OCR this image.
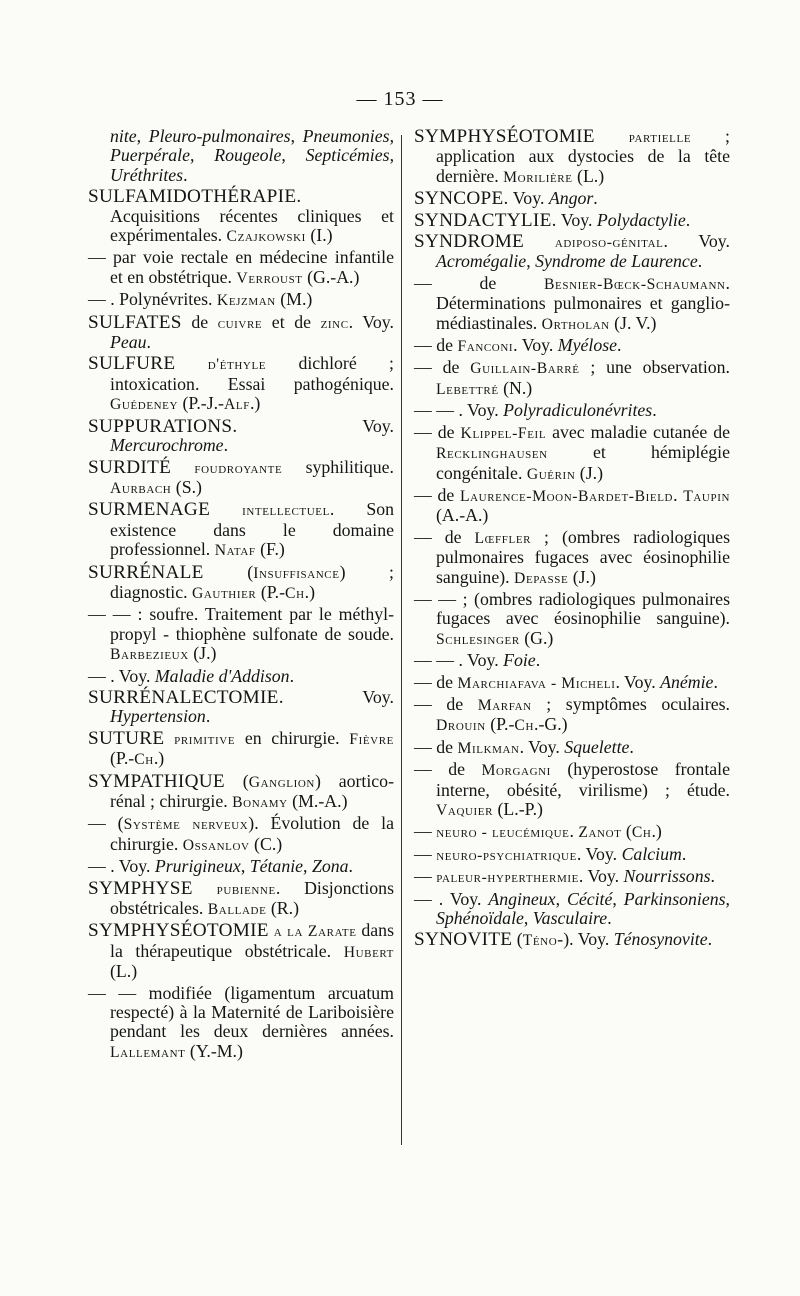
— 153 —

nite, Pleuro-pulmonaires, Pneumonies, Puerpérale, Rougeole, Septicémies, Uréthrites.

SULFAMIDOTHÉRAPIE. Acquisitions récentes cliniques et expérimentales. Czajkowski (I.)

— par voie rectale en médecine infantile et en obstétrique. Verroust (G.-A.)

— . Polynévrites. Kejzman (M.)

SULFATES de cuivre et de zinc. Voy. Peau.

SULFURE d'éthyle dichloré ; intoxication. Essai pathogénique. Guédeney (P.-J.-Alf.)

SUPPURATIONS. Voy. Mercurochrome.

SURDITÉ foudroyante syphilitique. Aurbach (S.)

SURMENAGE intellectuel. Son existence dans le domaine professionnel. Nataf (F.)

SURRÉNALE (Insuffisance) ; diagnostic. Gauthier (P.-Ch.)

— — : soufre. Traitement par le méthyl-propyl - thiophène sulfonate de soude. Barbezieux (J.)

— . Voy. Maladie d'Addison.

SURRÉNALECTOMIE. Voy. Hypertension.

SUTURE primitive en chirurgie. Fièvre (P.-Ch.)

SYMPATHIQUE (Ganglion) aortico-rénal ; chirurgie. Bonamy (M.-A.)

— (Système nerveux). Évolution de la chirurgie. Ossanlov (C.)

— . Voy. Prurigineux, Tétanie, Zona.

SYMPHYSE pubienne. Disjonctions obstétricales. Ballade (R.)

SYMPHYSÉOTOMIE a la Zarate dans la thérapeutique obstétricale. Hubert (L.)

— — modifiée (ligamentum arcuatum respecté) à la Maternité de Lariboisière pendant les deux dernières années. Lallemant (Y.-M.)

SYMPHYSÉOTOMIE partielle ; application aux dystocies de la tête dernière. Morilière (L.)

SYNCOPE. Voy. Angor.

SYNDACTYLIE. Voy. Polydactylie.

SYNDROME adiposo-génital. Voy. Acromégalie, Syndrome de Laurence.

— de Besnier-Bœck-Schaumann. Déterminations pulmonaires et ganglio-médiastinales. Ortholan (J. V.)

— de Fanconi. Voy. Myélose.

— de Guillain-Barré ; une observation. Lebettré (N.)

— — . Voy. Polyradiculonévrites.

— de Klippel-Feil avec maladie cutanée de Recklinghausen et hémiplégie congénitale. Guérin (J.)

— de Laurence-Moon-Bardet-Bield. Taupin (A.-A.)

— de Lœffler ; (ombres radiologiques pulmonaires fugaces avec éosinophilie sanguine). Depasse (J.)

— — ; (ombres radiologiques pulmonaires fugaces avec éosinophilie sanguine). Schlesinger (G.)

— — . Voy. Foie.

— de Marchiafava - Micheli. Voy. Anémie.

— de Marfan ; symptômes oculaires. Drouin (P.-Ch.-G.)

— de Milkman. Voy. Squelette.

— de Morgagni (hyperostose frontale interne, obésité, virilisme) ; étude. Vaquier (L.-P.)

— neuro - leucémique. Zanot (Ch.)

— neuro-psychiatrique. Voy. Calcium.

— paleur-hyperthermie. Voy. Nourrissons.

— . Voy. Angineux, Cécité, Parkinsoniens, Sphénoïdale, Vasculaire.

SYNOVITE (Téno-). Voy. Ténosynovite.
